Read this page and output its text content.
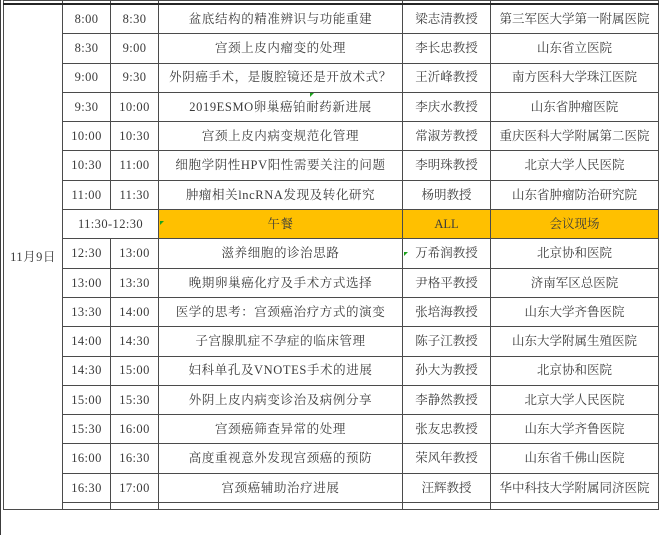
11月9日	8:00	8:30	盆底结构的精准辨识与功能重建	梁志清教授	第三军医大学第一附属医院	
	8:30	9:00	宫颈上皮内瘤变的处理	李长忠教授	山东省立医院	
	9:00	9:30	外阴癌手术，是腹腔镜还是开放术式？	王沂峰教授	南方医科大学珠江医院	
	9:30	10:00	2019ESMO卵巢癌铂耐药新进展	李庆水教授	山东省肿瘤医院	
	10:00	10:30	宫颈上皮内病变规范化管理	常淑芳教授	重庆医科大学附属第二医院	
	10:30	11:00	细胞学阴性HPV阳性需要关注的问题	李明珠教授	北京大学人民医院	
	11:00	11:30	肿瘤相关lncRNA发现及转化研究	杨明教授	山东省肿瘤防治研究院	
	11:30-12:30		午餐	ALL	会议现场	
	12:30	13:00	滋养细胞的诊治思路	万希润教授	北京协和医院	
	13:00	13:30	晚期卵巢癌化疗及手术方式选择	尹格平教授	济南军区总医院	
	13:30	14:00	医学的思考：宫颈癌治疗方式的演变	张培海教授	山东大学齐鲁医院	
	14:00	14:30	子宫腺肌症不孕症的临床管理	陈子江教授	山东大学附属生殖医院	
	14:30	15:00	妇科单孔及VNOTES手术的进展	孙大为教授	北京协和医院	
	15:00	15:30	外阴上皮内病变诊治及病例分享	李静然教授	北京大学人民医院	
	15:30	16:00	宫颈癌筛查异常的处理	张友忠教授	山东大学齐鲁医院	
	16:00	16:30	高度重视意外发现宫颈癌的预防	荣风年教授	山东省千佛山医院	
	16:30	17:00	宫颈癌辅助治疗进展	汪辉教授	华中科技大学附属同济医院	
